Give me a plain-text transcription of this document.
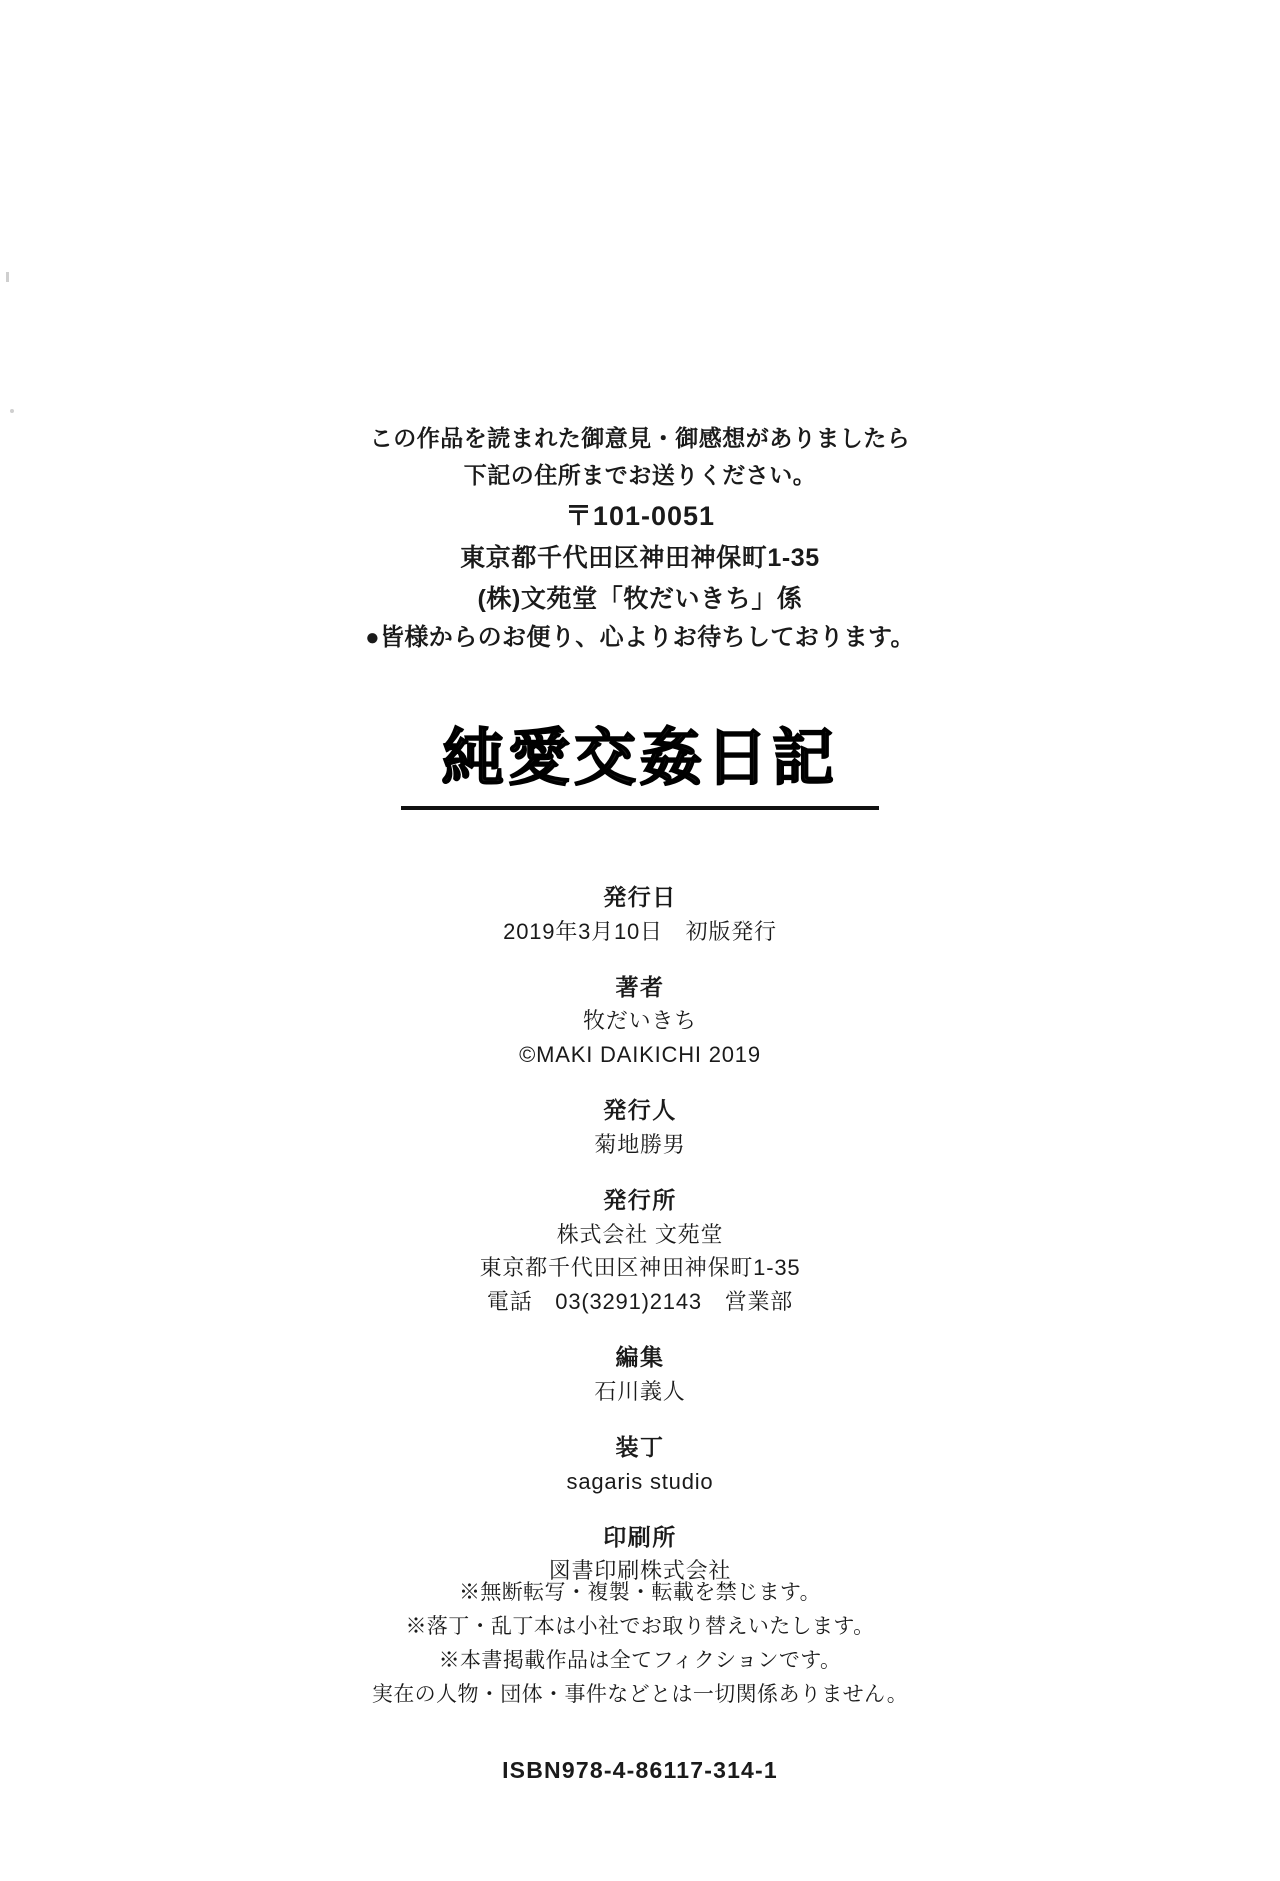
この作品を読まれた御意見・御感想がありましたら
下記の住所までお送りください。
〒101-0051
東京都千代田区神田神保町1-35
(株)文苑堂「牧だいきち」係
●皆様からのお便り、心よりお待ちしております。
純愛交姦日記
発行日
2019年3月10日　初版発行
著者
牧だいきち
©MAKI DAIKICHI 2019
発行人
菊地勝男
発行所
株式会社 文苑堂
東京都千代田区神田神保町1-35
電話　03(3291)2143　営業部
編集
石川義人
装丁
sagaris studio
印刷所
図書印刷株式会社
※無断転写・複製・転載を禁じます。
※落丁・乱丁本は小社でお取り替えいたします。
※本書掲載作品は全てフィクションです。
実在の人物・団体・事件などとは一切関係ありません。
ISBN978-4-86117-314-1
